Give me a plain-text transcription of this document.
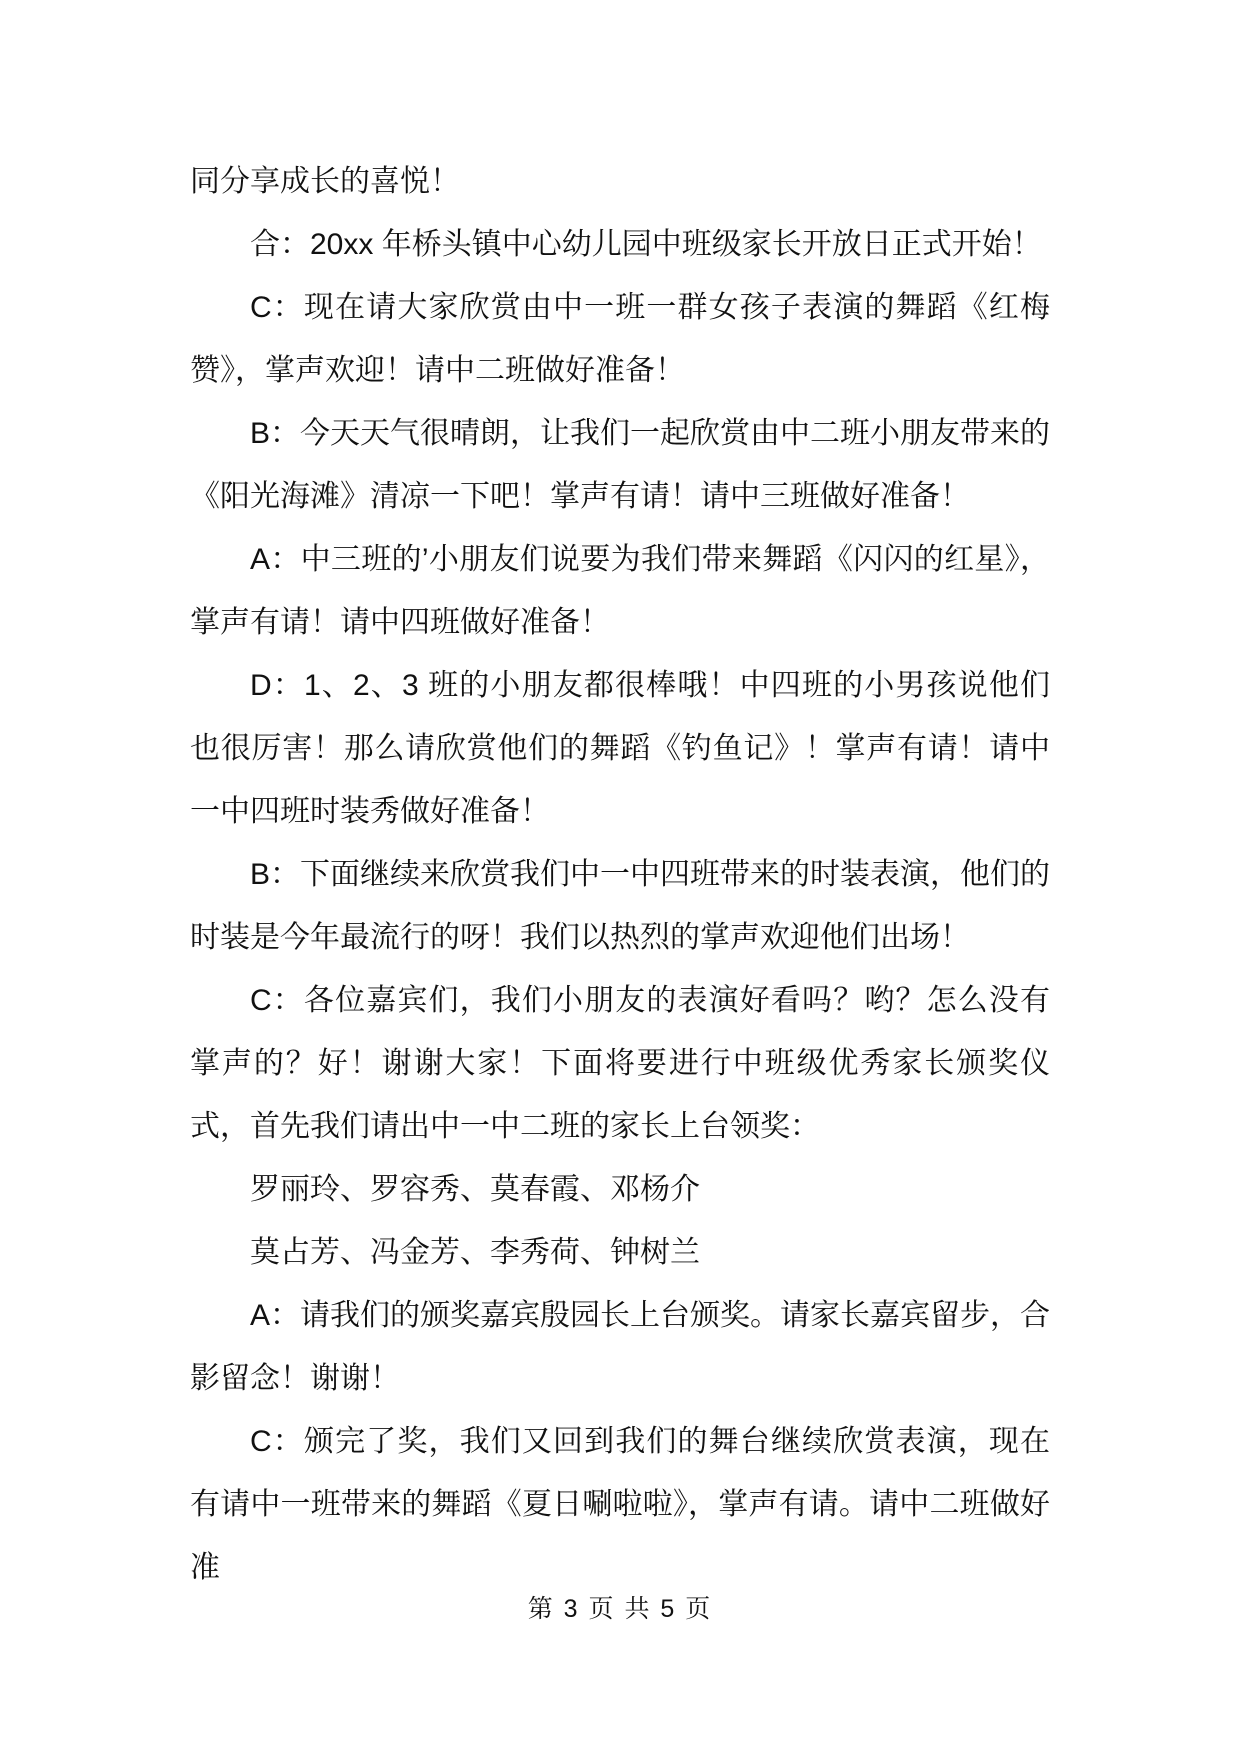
同分享成长的喜悦！

合：20xx 年桥头镇中心幼儿园中班级家长开放日正式开始！

C：现在请大家欣赏由中一班一群女孩子表演的舞蹈《红梅赞》，掌声欢迎！请中二班做好准备！

B：今天天气很晴朗，让我们一起欣赏由中二班小朋友带来的《阳光海滩》清凉一下吧！掌声有请！请中三班做好准备！

A：中三班的’小朋友们说要为我们带来舞蹈《闪闪的红星》，掌声有请！请中四班做好准备！

D：1、2、3 班的小朋友都很棒哦！中四班的小男孩说他们也很厉害！那么请欣赏他们的舞蹈《钓鱼记》！掌声有请！请中一中四班时装秀做好准备！

B：下面继续来欣赏我们中一中四班带来的时装表演，他们的时装是今年最流行的呀！我们以热烈的掌声欢迎他们出场！

C：各位嘉宾们，我们小朋友的表演好看吗？哟？怎么没有掌声的？好！谢谢大家！下面将要进行中班级优秀家长颁奖仪式，首先我们请出中一中二班的家长上台领奖：

罗丽玲、罗容秀、莫春霞、邓杨介

莫占芳、冯金芳、李秀荷、钟树兰

A：请我们的颁奖嘉宾殷园长上台颁奖。请家长嘉宾留步，合影留念！谢谢！

C：颁完了奖，我们又回到我们的舞台继续欣赏表演，现在有请中一班带来的舞蹈《夏日唰啦啦》，掌声有请。请中二班做好准

第 3 页 共 5 页
